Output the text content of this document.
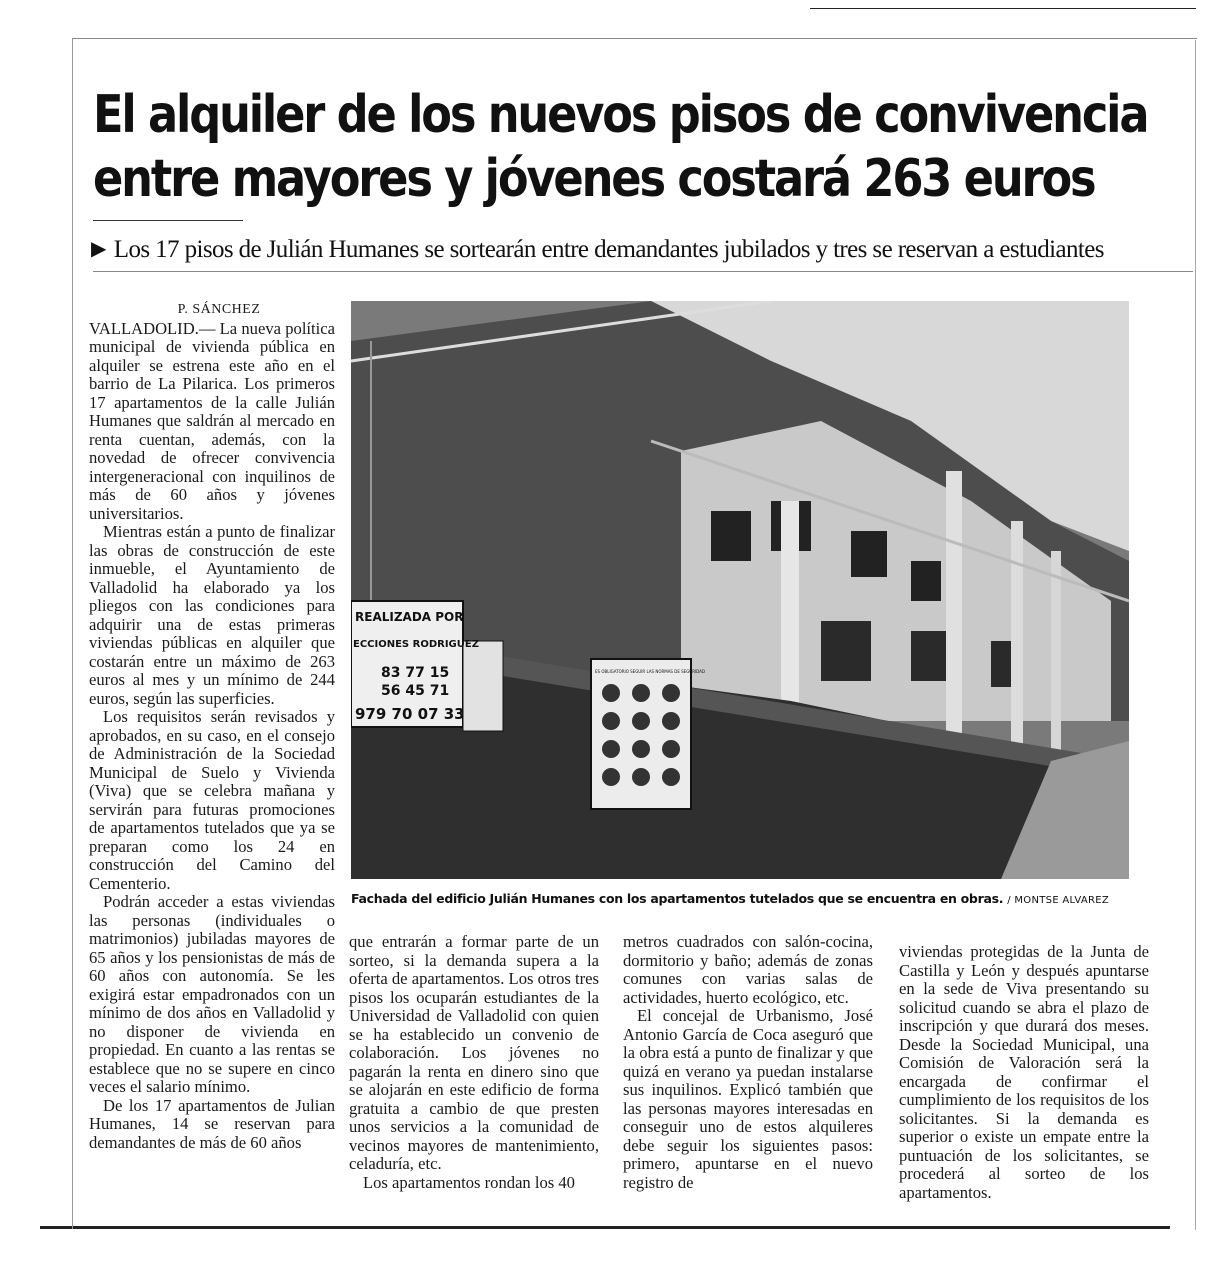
El alquiler de los nuevos pisos de convivencia
entre mayores y jóvenes costará 263 euros
▶ Los 17 pisos de Julián Humanes se sortearán entre demandantes jubilados y tres se reservan a estudiantes

P. SÁNCHEZ

VALLADOLID.— La nueva política municipal de vivienda pública en alquiler se estrena este año en el barrio de La Pilarica. Los primeros 17 apartamentos de la calle Julián Humanes que saldrán al mercado en renta cuentan, además, con la novedad de ofrecer convivencia intergeneracional con inquilinos de más de 60 años y jóvenes universitarios.

Mientras están a punto de finalizar las obras de construcción de este inmueble, el Ayuntamiento de Valladolid ha elaborado ya los pliegos con las condiciones para adquirir una de estas primeras viviendas públicas en alquiler que costarán entre un máximo de 263 euros al mes y un mínimo de 244 euros, según las superficies.

Los requisitos serán revisados y aprobados, en su caso, en el consejo de Administración de la Sociedad Municipal de Suelo y Vivienda (Viva) que se celebra mañana y servirán para futuras promociones de apartamentos tutelados que ya se preparan como los 24 en construcción del Camino del Cementerio.

Podrán acceder a estas viviendas las personas (individuales o matrimonios) jubiladas mayores de 65 años y los pensionistas de más de 60 años con autonomía. Se les exigirá estar empadronados con un mínimo de dos años en Valladolid y no disponer de vivienda en propiedad. En cuanto a las rentas se establece que no se supere en cinco veces el salario mínimo.

De los 17 apartamentos de Julian Humanes, 14 se reservan para demandantes de más de 60 años

REALIZADA POR
ECCIONES RODRIGUEZ
83 77 15
56 45 71
979 70 07 33
ES OBLIGATORIO SEGUIR LAS NORMAS DE SEGURIDAD
Fachada del edificio Julián Humanes con los apartamentos tutelados que se encuentra en obras. / MONTSE ALVAREZ

que entrarán a formar parte de un sorteo, si la demanda supera a la oferta de apartamentos. Los otros tres pisos los ocuparán estudiantes de la Universidad de Valladolid con quien se ha establecido un convenio de colaboración. Los jóvenes no pagarán la renta en dinero sino que se alojarán en este edificio de forma gratuita a cambio de que presten unos servicios a la comunidad de vecinos mayores de mantenimiento, celaduría, etc.

Los apartamentos rondan los 40

metros cuadrados con salón-cocina, dormitorio y baño; además de zonas comunes con varias salas de actividades, huerto ecológico, etc.

El concejal de Urbanismo, José Antonio García de Coca aseguró que la obra está a punto de finalizar y que quizá en verano ya puedan instalarse sus inquilinos. Explicó también que las personas mayores interesadas en conseguir uno de estos alquileres debe seguir los siguientes pasos: primero, apuntarse en el nuevo registro de

viviendas protegidas de la Junta de Castilla y León y después apuntarse en la sede de Viva presentando su solicitud cuando se abra el plazo de inscripción y que durará dos meses. Desde la Sociedad Municipal, una Comisión de Valoración será la encargada de confirmar el cumplimiento de los requisitos de los solicitantes. Si la demanda es superior o existe un empate entre la puntuación de los solicitantes, se procederá al sorteo de los apartamentos.
